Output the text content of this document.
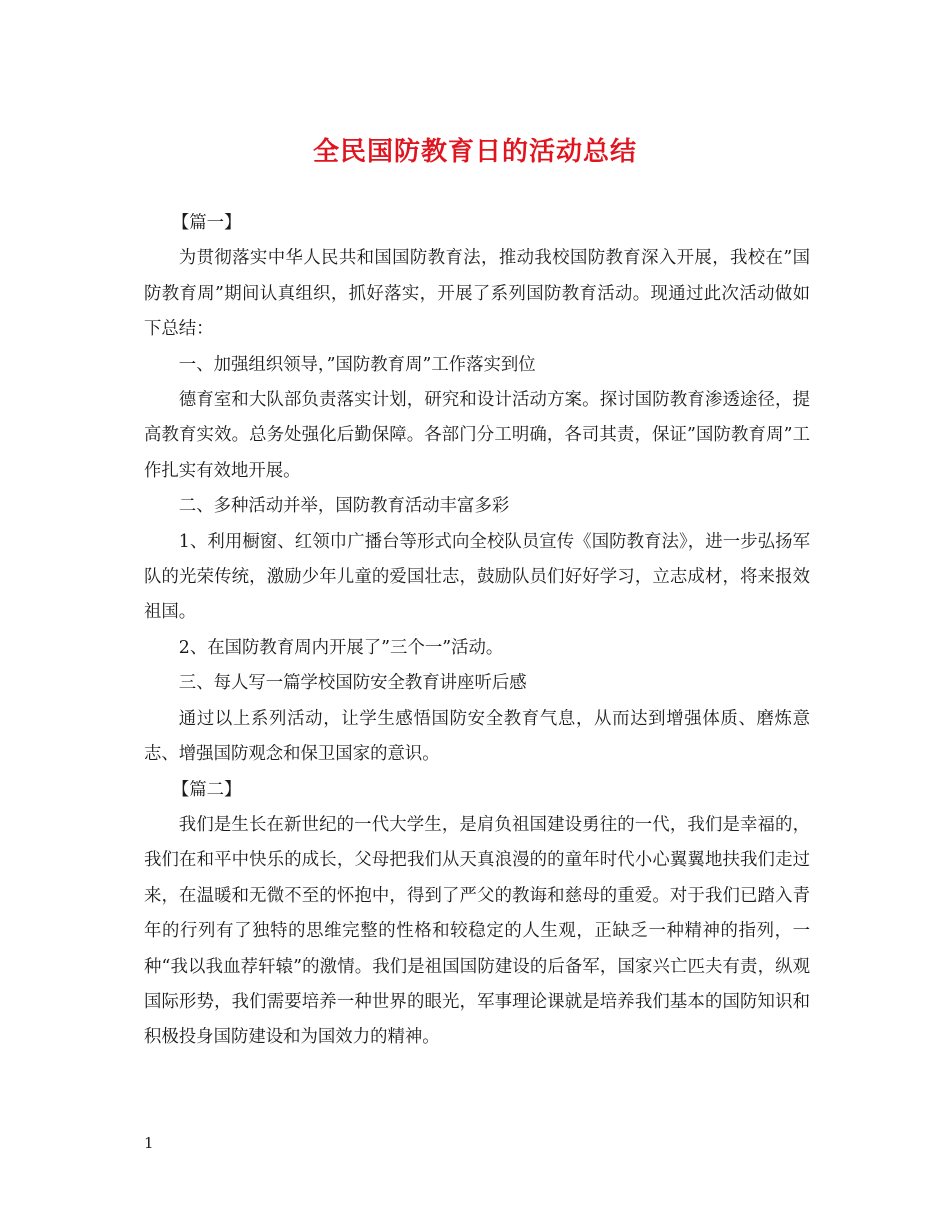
全民国防教育日的活动总结

【篇一】

为贯彻落实中华人民共和国国防教育法，推动我校国防教育深入开展，我校在”国防教育周”期间认真组织，抓好落实，开展了系列国防教育活动。现通过此次活动做如下总结：

一、加强组织领导，”国防教育周”工作落实到位

德育室和大队部负责落实计划，研究和设计活动方案。探讨国防教育渗透途径，提高教育实效。总务处强化后勤保障。各部门分工明确，各司其责，保证”国防教育周”工作扎实有效地开展。

二、多种活动并举，国防教育活动丰富多彩

1、利用橱窗、红领巾广播台等形式向全校队员宣传《国防教育法》，进一步弘扬军队的光荣传统，激励少年儿童的爱国壮志，鼓励队员们好好学习，立志成材，将来报效祖国。

2、在国防教育周内开展了”三个一”活动。

三、每人写一篇学校国防安全教育讲座听后感

通过以上系列活动，让学生感悟国防安全教育气息，从而达到增强体质、磨炼意志、增强国防观念和保卫国家的意识。

【篇二】

我们是生长在新世纪的一代大学生，是肩负祖国建设勇往的一代，我们是幸福的，我们在和平中快乐的成长，父母把我们从天真浪漫的的童年时代小心翼翼地扶我们走过来，在温暖和无微不至的怀抱中，得到了严父的教诲和慈母的重爱。对于我们已踏入青年的行列有了独特的思维完整的性格和较稳定的人生观，正缺乏一种精神的指列，一种“我以我血荐轩辕”的激情。我们是祖国国防建设的后备军，国家兴亡匹夫有责，纵观国际形势，我们需要培养一种世界的眼光，军事理论课就是培养我们基本的国防知识和积极投身国防建设和为国效力的精神。

1
